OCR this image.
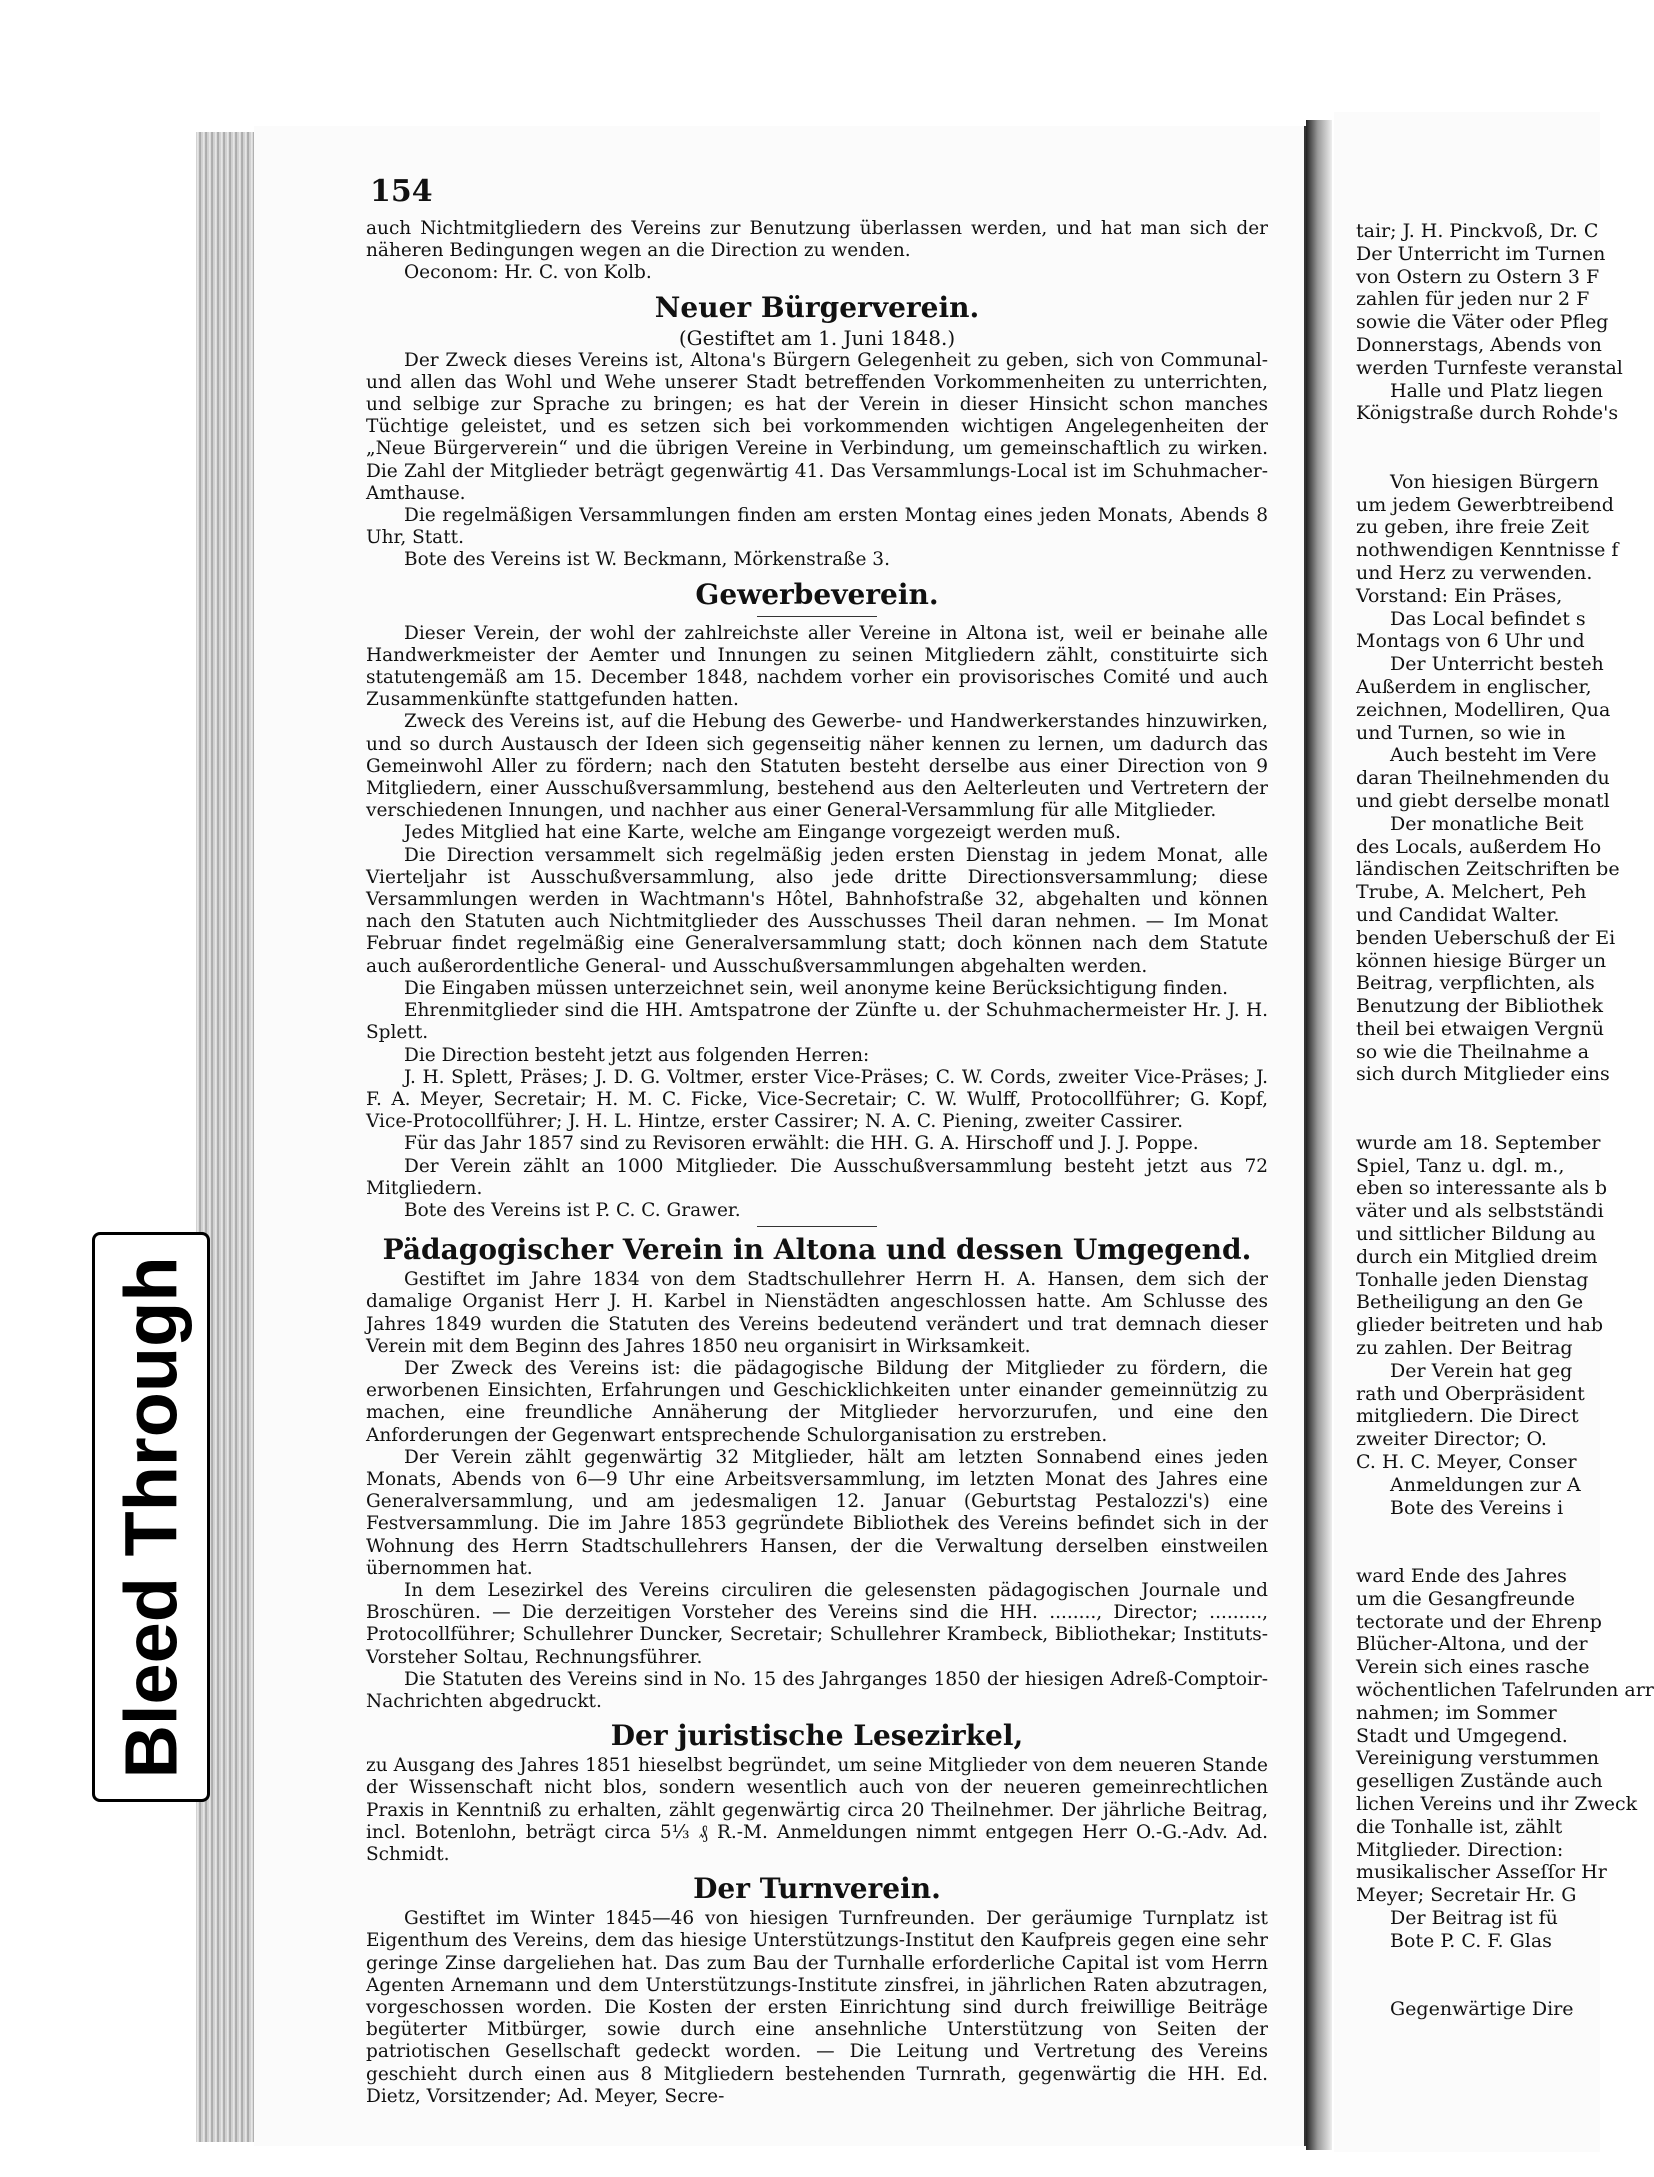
154

auch Nichtmitgliedern des Vereins zur Benutzung überlassen werden, und hat man sich der näheren Bedingungen wegen an die Direction zu wenden.

Oeconom: Hr. C. von Kolb.

Neuer Bürgerverein.
(Gestiftet am 1. Juni 1848.)

Der Zweck dieses Vereins ist, Altona's Bürgern Gelegenheit zu geben, sich von Communal- und allen das Wohl und Wehe unserer Stadt betreffenden Vorkommenheiten zu unterrichten, und selbige zur Sprache zu bringen; es hat der Verein in dieser Hinsicht schon manches Tüchtige geleistet, und es setzen sich bei vorkommenden wichtigen Angelegenheiten der „Neue Bürgerverein“ und die übrigen Vereine in Verbindung, um gemeinschaftlich zu wirken. Die Zahl der Mitglieder beträgt gegenwärtig 41. Das Versammlungs-Local ist im Schuhmacher-Amthause.

Die regelmäßigen Versammlungen finden am ersten Montag eines jeden Monats, Abends 8 Uhr, Statt.

Bote des Vereins ist W. Beckmann, Mörkenstraße 3.

Gewerbeverein.

Dieser Verein, der wohl der zahlreichste aller Vereine in Altona ist, weil er beinahe alle Handwerkmeister der Aemter und Innungen zu seinen Mitgliedern zählt, constituirte sich statutengemäß am 15. December 1848, nachdem vorher ein provisorisches Comité und auch Zusammenkünfte stattgefunden hatten.

Zweck des Vereins ist, auf die Hebung des Gewerbe- und Handwerkerstandes hinzuwirken, und so durch Austausch der Ideen sich gegenseitig näher kennen zu lernen, um dadurch das Gemeinwohl Aller zu fördern; nach den Statuten besteht derselbe aus einer Direction von 9 Mitgliedern, einer Ausschußversammlung, bestehend aus den Aelterleuten und Vertretern der verschiedenen Innungen, und nachher aus einer General-Versammlung für alle Mitglieder.

Jedes Mitglied hat eine Karte, welche am Eingange vorgezeigt werden muß.

Die Direction versammelt sich regelmäßig jeden ersten Dienstag in jedem Monat, alle Vierteljahr ist Ausschußversammlung, also jede dritte Directionsversammlung; diese Versammlungen werden in Wachtmann's Hôtel, Bahnhofstraße 32, abgehalten und können nach den Statuten auch Nichtmitglieder des Ausschusses Theil daran nehmen. — Im Monat Februar findet regelmäßig eine Generalversammlung statt; doch können nach dem Statute auch außerordentliche General- und Ausschußversammlungen abgehalten werden.

Die Eingaben müssen unterzeichnet sein, weil anonyme keine Berücksichtigung finden.

Ehrenmitglieder sind die HH. Amtspatrone der Zünfte u. der Schuhmachermeister Hr. J. H. Splett.

Die Direction besteht jetzt aus folgenden Herren:

J. H. Splett, Präses; J. D. G. Voltmer, erster Vice-Präses; C. W. Cords, zweiter Vice-Präses; J. F. A. Meyer, Secretair; H. M. C. Ficke, Vice-Secretair; C. W. Wulff, Protocollführer; G. Kopf, Vice-Protocollführer; J. H. L. Hintze, erster Cassirer; N. A. C. Piening, zweiter Cassirer.

Für das Jahr 1857 sind zu Revisoren erwählt: die HH. G. A. Hirschoff und J. J. Poppe.

Der Verein zählt an 1000 Mitglieder. Die Ausschußversammlung besteht jetzt aus 72 Mitgliedern.

Bote des Vereins ist P. C. C. Grawer.

Pädagogischer Verein in Altona und dessen Umgegend.

Gestiftet im Jahre 1834 von dem Stadtschullehrer Herrn H. A. Hansen, dem sich der damalige Organist Herr J. H. Karbel in Nienstädten angeschlossen hatte. Am Schlusse des Jahres 1849 wurden die Statuten des Vereins bedeutend verändert und trat demnach dieser Verein mit dem Beginn des Jahres 1850 neu organisirt in Wirksamkeit.

Der Zweck des Vereins ist: die pädagogische Bildung der Mitglieder zu fördern, die erworbenen Einsichten, Erfahrungen und Geschicklichkeiten unter einander gemeinnützig zu machen, eine freundliche Annäherung der Mitglieder hervorzurufen, und eine den Anforderungen der Gegenwart entsprechende Schulorganisation zu erstreben.

Der Verein zählt gegenwärtig 32 Mitglieder, hält am letzten Sonnabend eines jeden Monats, Abends von 6—9 Uhr eine Arbeitsversammlung, im letzten Monat des Jahres eine Generalversammlung, und am jedesmaligen 12. Januar (Geburtstag Pestalozzi's) eine Festversammlung. Die im Jahre 1853 gegründete Bibliothek des Vereins befindet sich in der Wohnung des Herrn Stadtschullehrers Hansen, der die Verwaltung derselben einstweilen übernommen hat.

In dem Lesezirkel des Vereins circuliren die gelesensten pädagogischen Journale und Broschüren. — Die derzeitigen Vorsteher des Vereins sind die HH. ........, Director; ........., Protocollführer; Schullehrer Duncker, Secretair; Schullehrer Krambeck, Bibliothekar; Instituts-Vorsteher Soltau, Rechnungsführer.

Die Statuten des Vereins sind in No. 15 des Jahrganges 1850 der hiesigen Adreß-Comptoir-Nachrichten abgedruckt.

Der juristische Lesezirkel,

zu Ausgang des Jahres 1851 hieselbst begründet, um seine Mitglieder von dem neueren Stande der Wissenschaft nicht blos, sondern wesentlich auch von der neueren gemeinrechtlichen Praxis in Kenntniß zu erhalten, zählt gegenwärtig circa 20 Theilnehmer. Der jährliche Beitrag, incl. Botenlohn, beträgt circa 5⅓ ₰ R.-M. Anmeldungen nimmt entgegen Herr O.-G.-Adv. Ad. Schmidt.

Der Turnverein.

Gestiftet im Winter 1845—46 von hiesigen Turnfreunden. Der geräumige Turnplatz ist Eigenthum des Vereins, dem das hiesige Unterstützungs-Institut den Kaufpreis gegen eine sehr geringe Zinse dargeliehen hat. Das zum Bau der Turnhalle erforderliche Capital ist vom Herrn Agenten Arnemann und dem Unterstützungs-Institute zinsfrei, in jährlichen Raten abzutragen, vorgeschossen worden. Die Kosten der ersten Einrichtung sind durch freiwillige Beiträge begüterter Mitbürger, sowie durch eine ansehnliche Unterstützung von Seiten der patriotischen Gesellschaft gedeckt worden. — Die Leitung und Vertretung des Vereins geschieht durch einen aus 8 Mitgliedern bestehenden Turnrath, gegenwärtig die HH. Ed. Dietz, Vorsitzender; Ad. Meyer, Secre-

tair; J. H. Pinckvoß, Dr. C
Der Unterricht im Turnen
von Ostern zu Ostern 3 F
zahlen für jeden nur 2 F
sowie die Väter oder Pfleg
Donnerstags, Abends von
werden Turnfeste veranstal
Halle und Platz liegen
Königstraße durch Rohde's
Von hiesigen Bürgern
um jedem Gewerbtreibend
zu geben, ihre freie Zeit
nothwendigen Kenntnisse f
und Herz zu verwenden.
Vorstand: Ein Präses,
Das Local befindet s
Montags von 6 Uhr und
Der Unterricht besteh
Außerdem in englischer,
zeichnen, Modelliren, Qua
und Turnen, so wie in
Auch besteht im Vere
daran Theilnehmenden du
und giebt derselbe monatl
Der monatliche Beit
des Locals, außerdem Ho
ländischen Zeitschriften be
Trube, A. Melchert, Peh
und Candidat Walter.
benden Ueberschuß der Ei
können hiesige Bürger un
Beitrag, verpflichten, als
Benutzung der Bibliothek
theil bei etwaigen Vergnü
so wie die Theilnahme a
sich durch Mitglieder eins
wurde am 18. September
Spiel, Tanz u. dgl. m.,
eben so interessante als b
väter und als selbstständi
und sittlicher Bildung au
durch ein Mitglied dreim
Tonhalle jeden Dienstag
Betheiligung an den Ge
glieder beitreten und hab
zu zahlen. Der Beitrag
Der Verein hat geg
rath und Oberpräsident
mitgliedern. Die Direct
zweiter Director; O.
C. H. C. Meyer, Conser
Anmeldungen zur A
Bote des Vereins i
ward Ende des Jahres
um die Gesangfreunde
tectorate und der Ehrenp
Blücher-Altona, und der
Verein sich eines rasche
wöchentlichen Tafelrunden arr
nahmen; im Sommer
Stadt und Umgegend.
Vereinigung verstummen
geselligen Zustände auch
lichen Vereins und ihr Zweck
die Tonhalle ist, zählt
Mitglieder. Direction:
musikalischer Asseſſor Hr
Meyer; Secretair Hr. G
Der Beitrag ist fü
Bote P. C. F. Glas
Gegenwärtige Dire
Bleed Through
